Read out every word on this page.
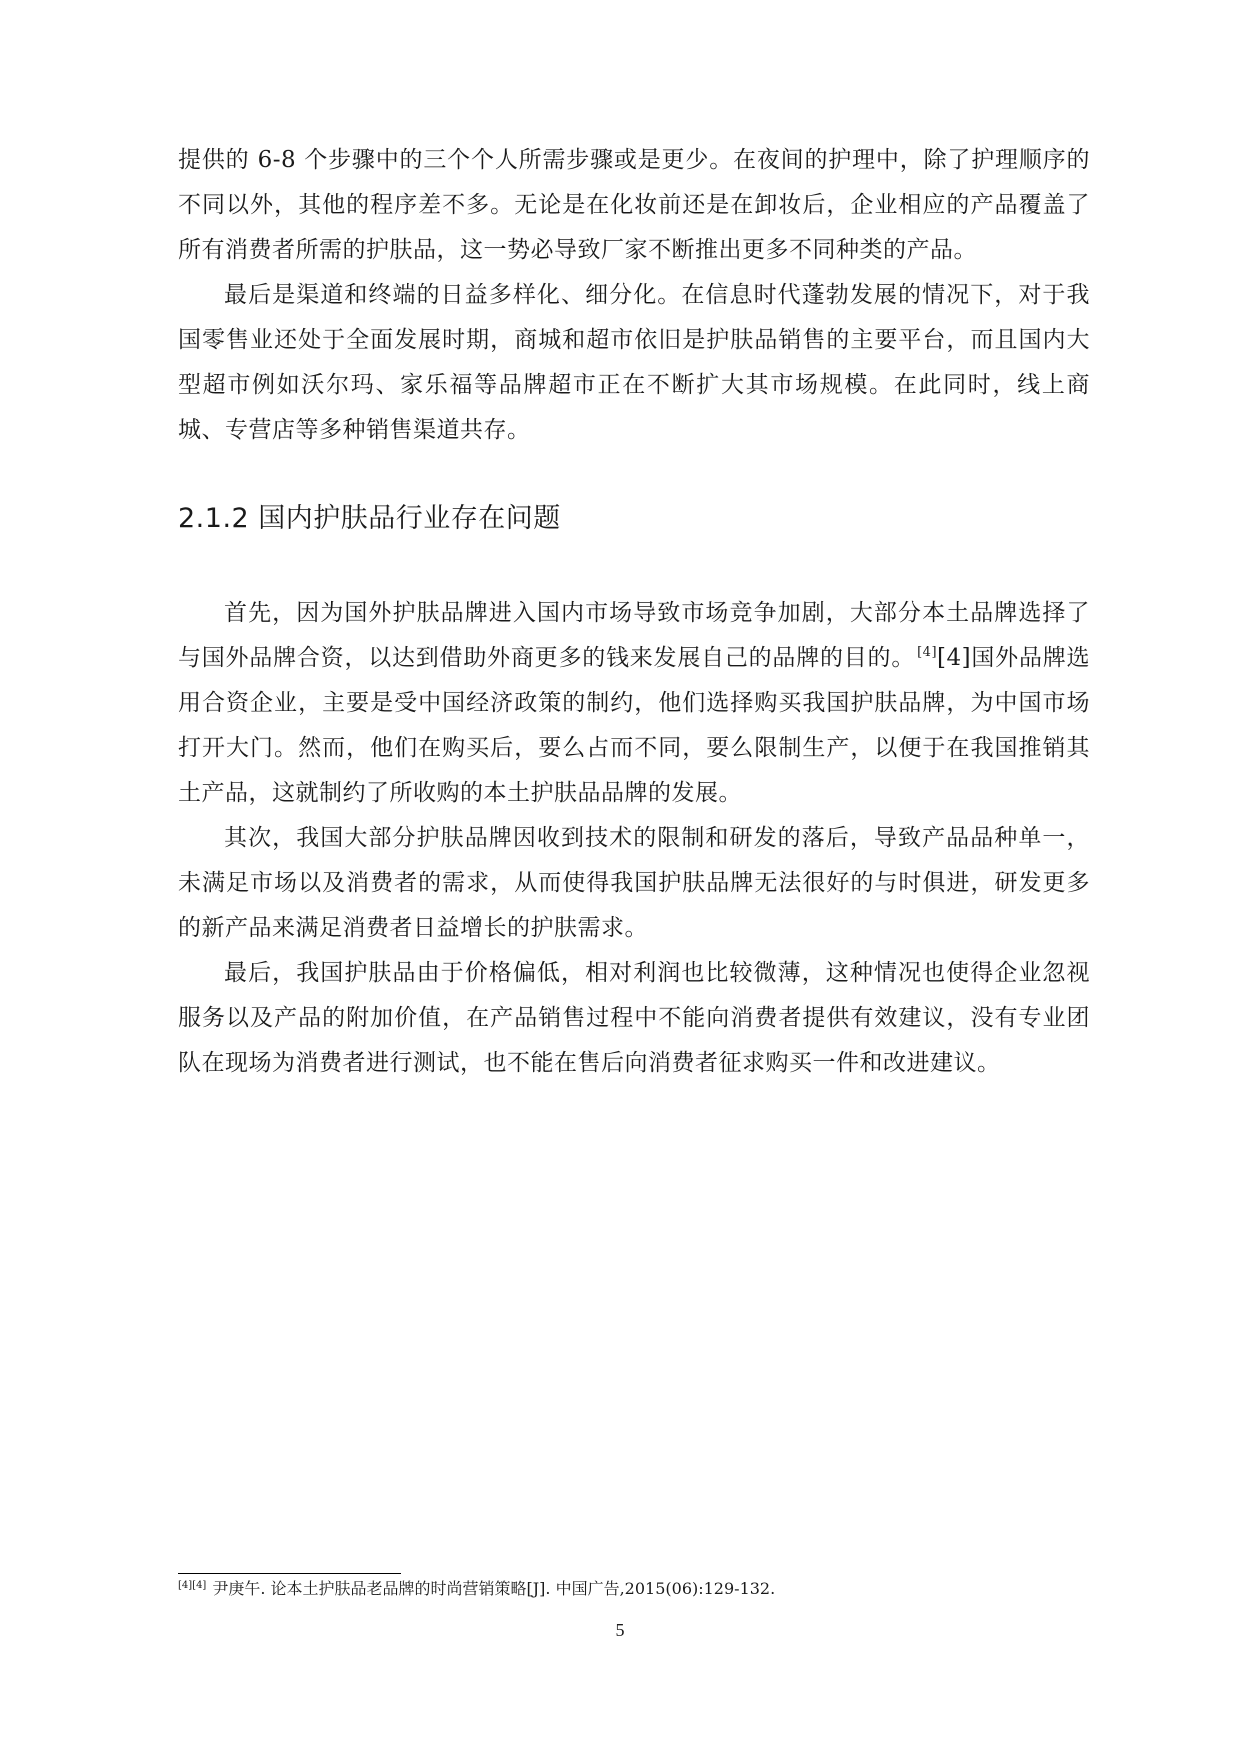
提供的 6-8 个步骤中的三个个人所需步骤或是更少。在夜间的护理中，除了护理顺序的不同以外，其他的程序差不多。无论是在化妆前还是在卸妆后，企业相应的产品覆盖了所有消费者所需的护肤品，这一势必导致厂家不断推出更多不同种类的产品。

最后是渠道和终端的日益多样化、细分化。在信息时代蓬勃发展的情况下，对于我国零售业还处于全面发展时期，商城和超市依旧是护肤品销售的主要平台，而且国内大型超市例如沃尔玛、家乐福等品牌超市正在不断扩大其市场规模。在此同时，线上商城、专营店等多种销售渠道共存。

2.1.2 国内护肤品行业存在问题

首先，因为国外护肤品牌进入国内市场导致市场竞争加剧，大部分本土品牌选择了与国外品牌合资，以达到借助外商更多的钱来发展自己的品牌的目的。 [4][4]国外品牌选用合资企业，主要是受中国经济政策的制约，他们选择购买我国护肤品牌，为中国市场打开大门。然而，他们在购买后，要么占而不同，要么限制生产，以便于在我国推销其土产品，这就制约了所收购的本土护肤品品牌的发展。

其次，我国大部分护肤品牌因收到技术的限制和研发的落后，导致产品品种单一，未满足市场以及消费者的需求，从而使得我国护肤品牌无法很好的与时俱进，研发更多的新产品来满足消费者日益增长的护肤需求。

最后，我国护肤品由于价格偏低，相对利润也比较微薄，这种情况也使得企业忽视服务以及产品的附加价值，在产品销售过程中不能向消费者提供有效建议，没有专业团队在现场为消费者进行测试，也不能在售后向消费者征求购买一件和改进建议。

[4][4] 尹庚午. 论本土护肤品老品牌的时尚营销策略[J]. 中国广告,2015(06):129-132.
5
